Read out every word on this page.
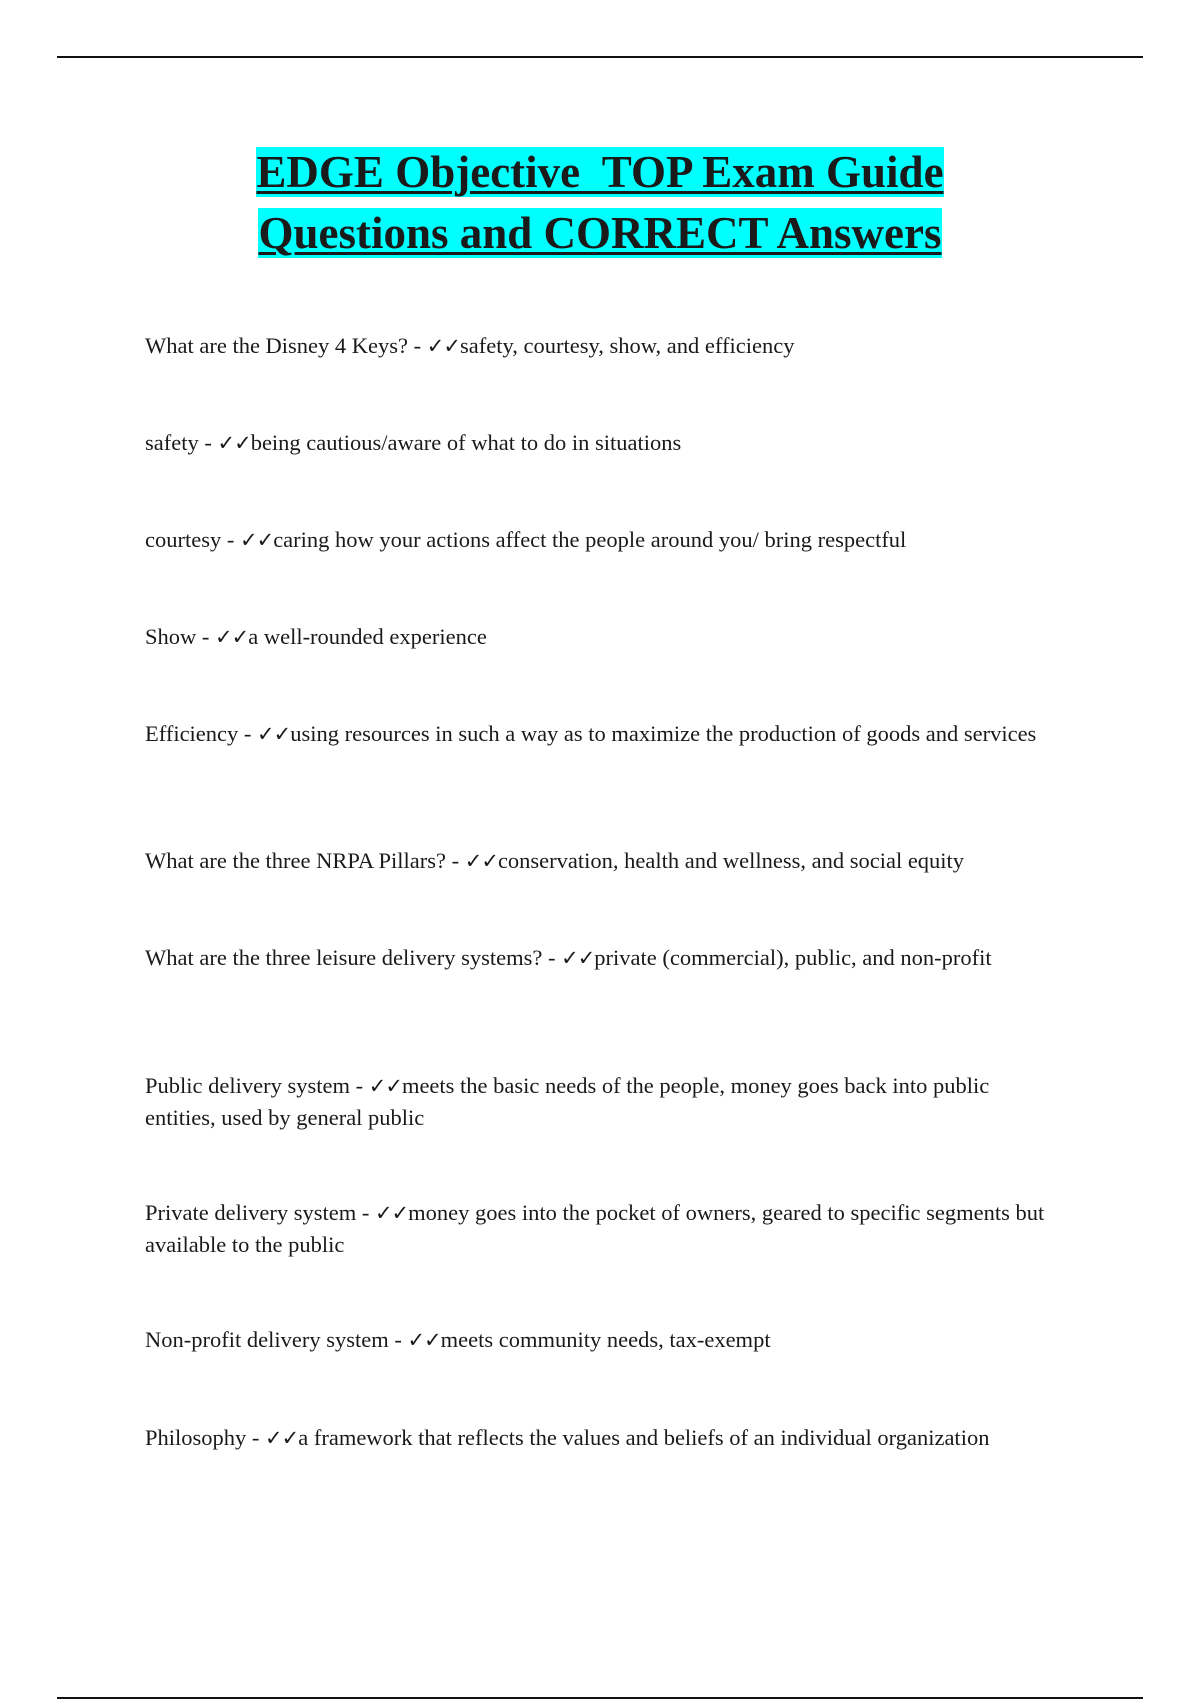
EDGE Objective  TOP Exam Guide
Questions and CORRECT Answers

What are the Disney 4 Keys? - ✓✓safety, courtesy, show, and efficiency

safety - ✓✓being cautious/aware of what to do in situations

courtesy - ✓✓caring how your actions affect the people around you/ bring respectful

Show - ✓✓a well-rounded experience

Efficiency - ✓✓using resources in such a way as to maximize the production of goods and services

What are the three NRPA Pillars? - ✓✓conservation, health and wellness, and social equity

What are the three leisure delivery systems? - ✓✓private (commercial), public, and non-profit

Public delivery system - ✓✓meets the basic needs of the people, money goes back into public entities, used by general public

Private delivery system - ✓✓money goes into the pocket of owners, geared to specific segments but available to the public

Non-profit delivery system - ✓✓meets community needs, tax-exempt

Philosophy - ✓✓a framework that reflects the values and beliefs of an individual organization
